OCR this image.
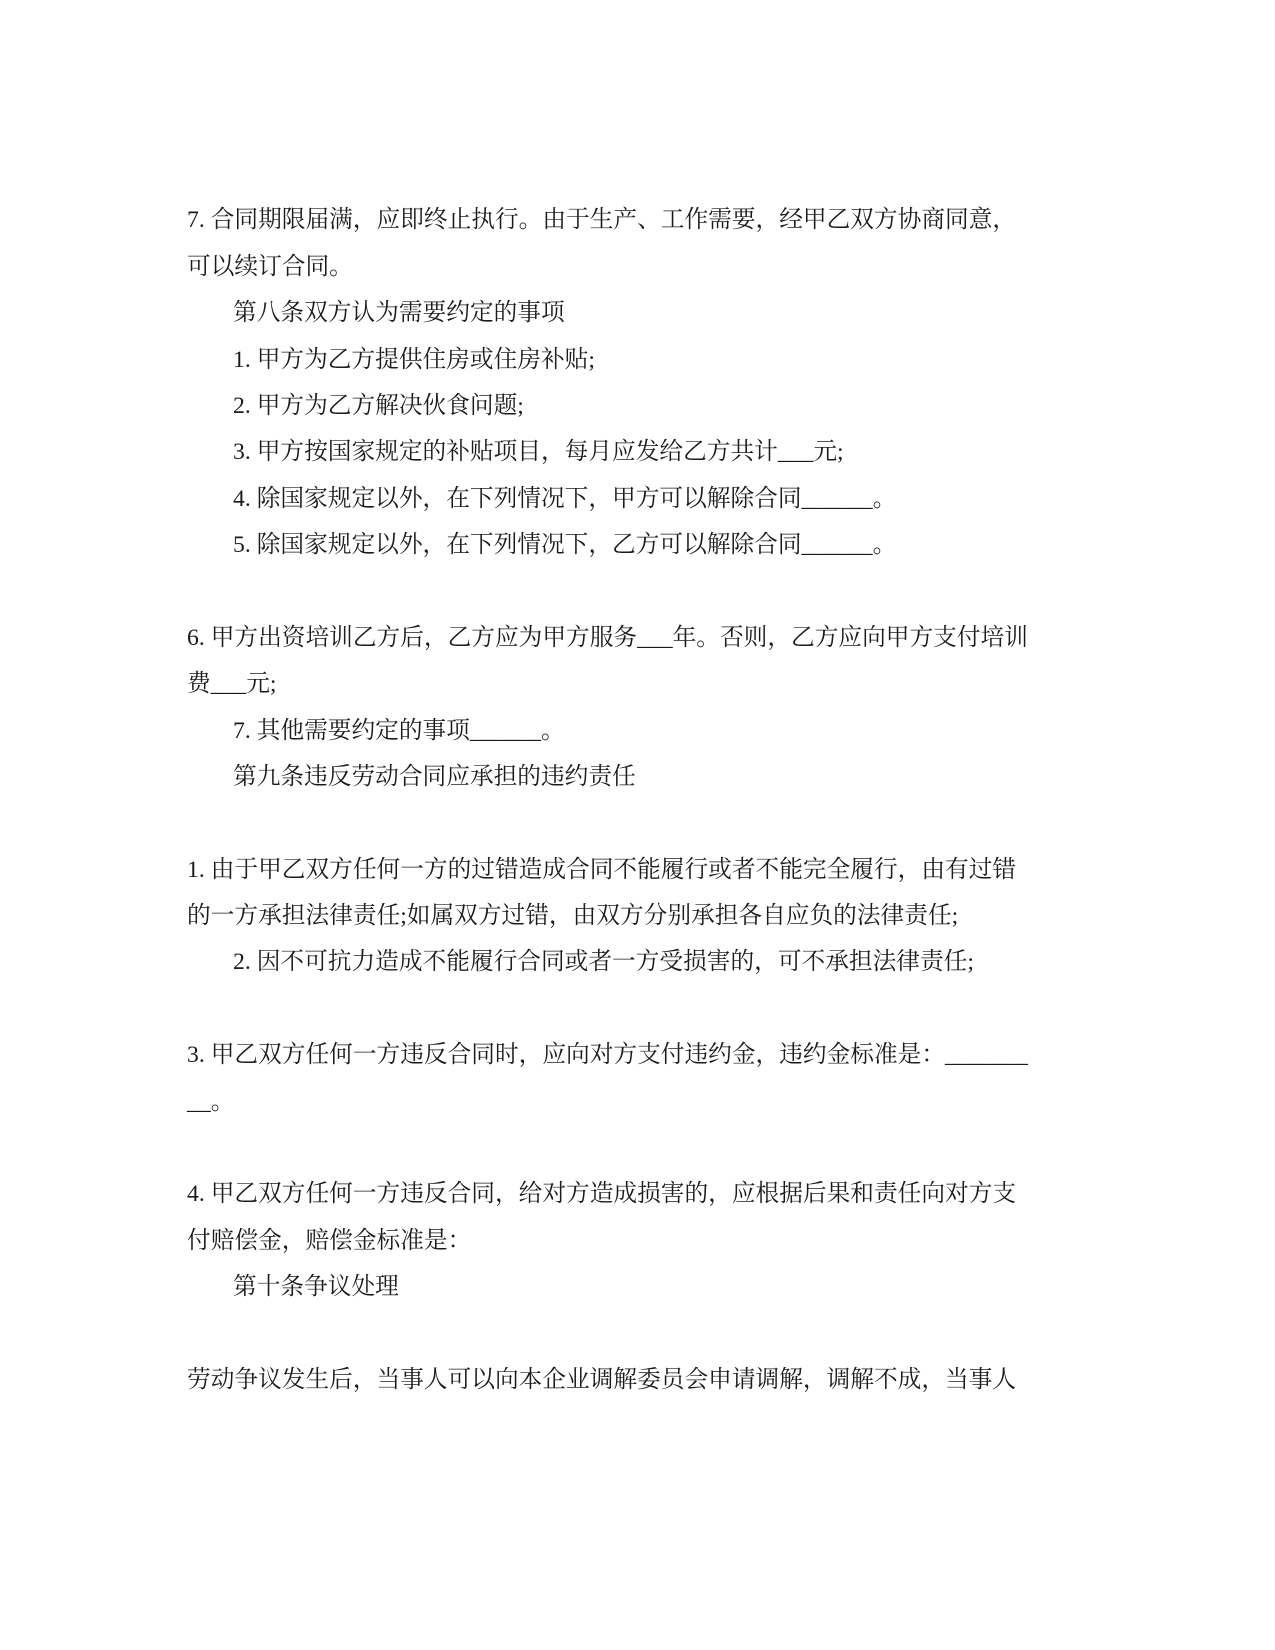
7. 合同期限届满，应即终止执行。由于生产、工作需要，经甲乙双方协商同意，
可以续订合同。
第八条双方认为需要约定的事项
1. 甲方为乙方提供住房或住房补贴;
2. 甲方为乙方解决伙食问题;
3. 甲方按国家规定的补贴项目，每月应发给乙方共计___元;
4. 除国家规定以外，在下列情况下，甲方可以解除合同______。
5. 除国家规定以外，在下列情况下，乙方可以解除合同______。
6. 甲方出资培训乙方后，乙方应为甲方服务___年。否则，乙方应向甲方支付培训
费___元;
7. 其他需要约定的事项______。
第九条违反劳动合同应承担的违约责任
1. 由于甲乙双方任何一方的过错造成合同不能履行或者不能完全履行，由有过错
的一方承担法律责任;如属双方过错，由双方分别承担各自应负的法律责任;
2. 因不可抗力造成不能履行合同或者一方受损害的，可不承担法律责任;
3. 甲乙双方任何一方违反合同时，应向对方支付违约金，违约金标准是：_______
__。
4. 甲乙双方任何一方违反合同，给对方造成损害的，应根据后果和责任向对方支
付赔偿金，赔偿金标准是：
第十条争议处理
劳动争议发生后，当事人可以向本企业调解委员会申请调解，调解不成，当事人
